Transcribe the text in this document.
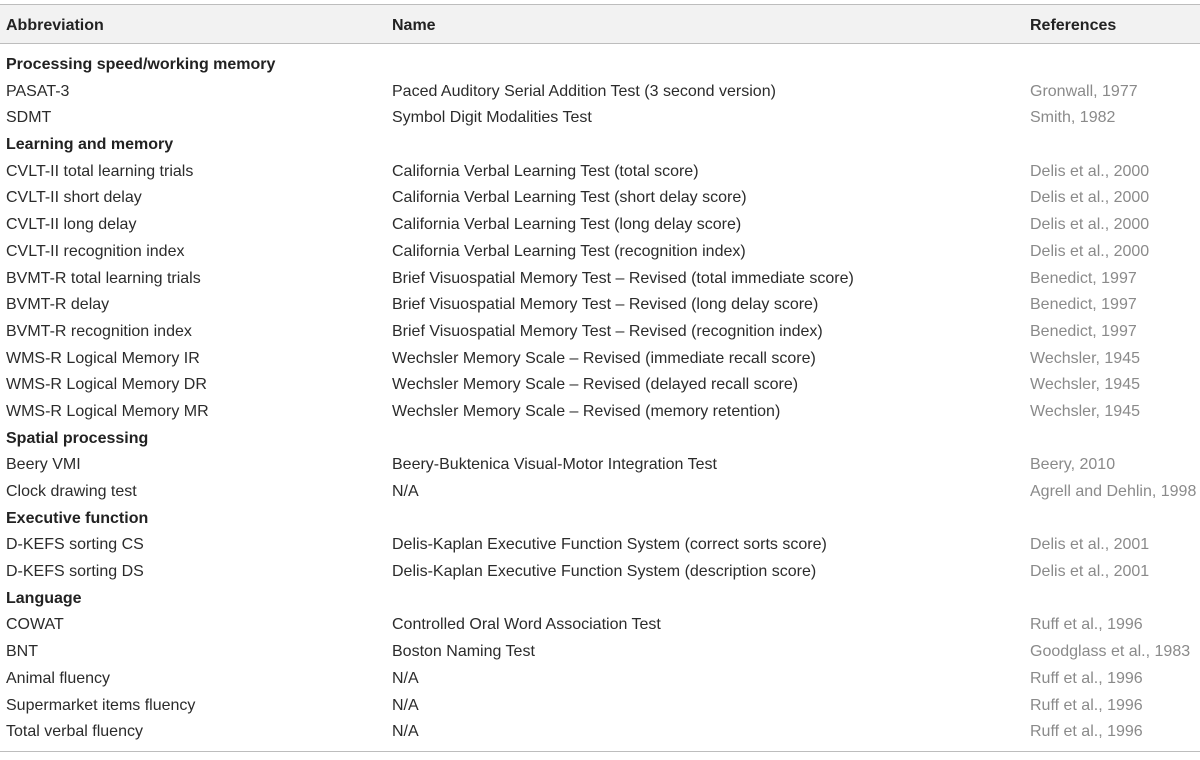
Abbreviation	Name	References
Processing speed/working memory
PASAT-3	Paced Auditory Serial Addition Test (3 second version)	Gronwall, 1977
SDMT	Symbol Digit Modalities Test	Smith, 1982
Learning and memory
CVLT-II total learning trials	California Verbal Learning Test (total score)	Delis et al., 2000
CVLT-II short delay	California Verbal Learning Test (short delay score)	Delis et al., 2000
CVLT-II long delay	California Verbal Learning Test (long delay score)	Delis et al., 2000
CVLT-II recognition index	California Verbal Learning Test (recognition index)	Delis et al., 2000
BVMT-R total learning trials	Brief Visuospatial Memory Test – Revised (total immediate score)	Benedict, 1997
BVMT-R delay	Brief Visuospatial Memory Test – Revised (long delay score)	Benedict, 1997
BVMT-R recognition index	Brief Visuospatial Memory Test – Revised (recognition index)	Benedict, 1997
WMS-R Logical Memory IR	Wechsler Memory Scale – Revised (immediate recall score)	Wechsler, 1945
WMS-R Logical Memory DR	Wechsler Memory Scale – Revised (delayed recall score)	Wechsler, 1945
WMS-R Logical Memory MR	Wechsler Memory Scale – Revised (memory retention)	Wechsler, 1945
Spatial processing
Beery VMI	Beery-Buktenica Visual-Motor Integration Test	Beery, 2010
Clock drawing test	N/A	Agrell and Dehlin, 1998
Executive function
D-KEFS sorting CS	Delis-Kaplan Executive Function System (correct sorts score)	Delis et al., 2001
D-KEFS sorting DS	Delis-Kaplan Executive Function System (description score)	Delis et al., 2001
Language
COWAT	Controlled Oral Word Association Test	Ruff et al., 1996
BNT	Boston Naming Test	Goodglass et al., 1983
Animal fluency	N/A	Ruff et al., 1996
Supermarket items fluency	N/A	Ruff et al., 1996
Total verbal fluency	N/A	Ruff et al., 1996
